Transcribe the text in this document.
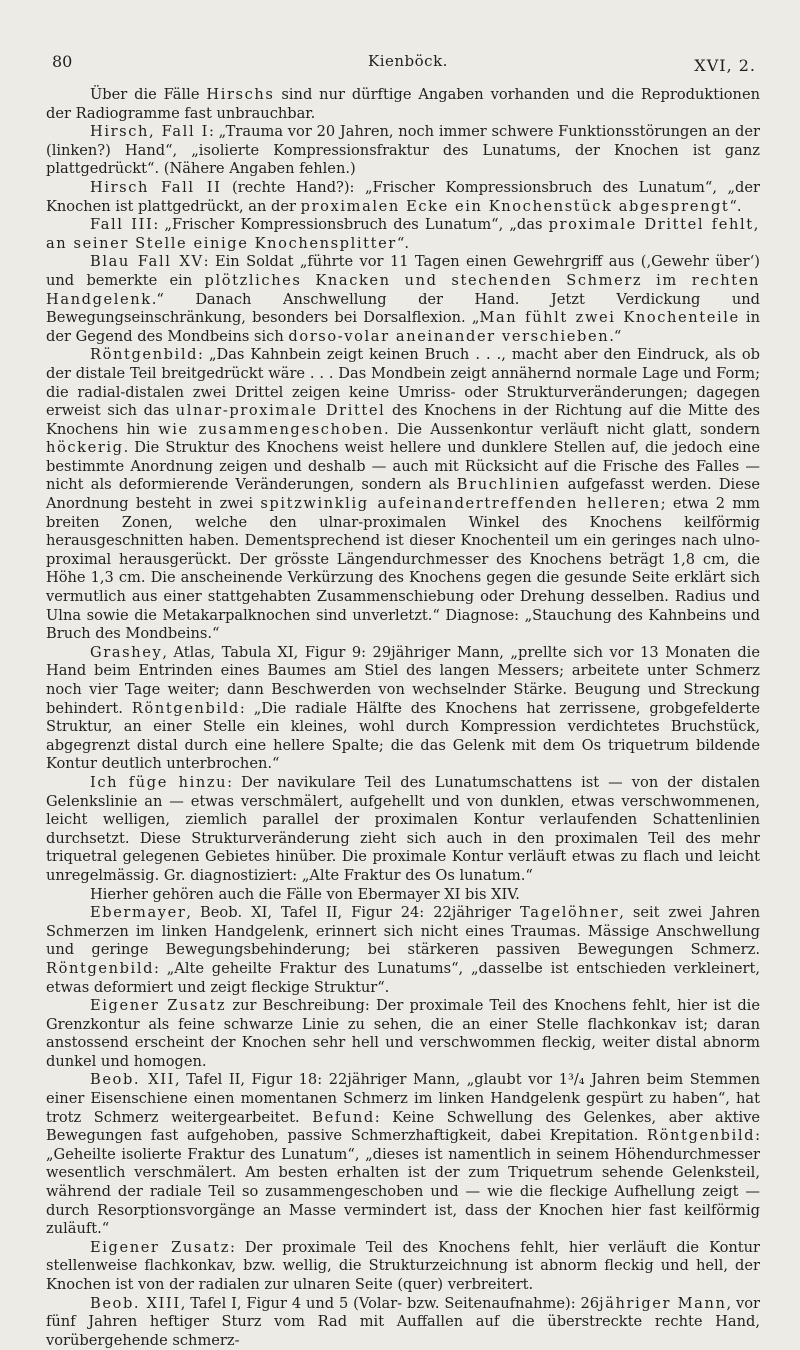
80	Kienböck.	XVI, 2.

Über die Fälle Hirschs sind nur dürftige Angaben vorhanden und die Reproduktionen der Radiogramme fast unbrauchbar.

Hirsch, Fall I: „Trauma vor 20 Jahren, noch immer schwere Funktionsstörungen an der (linken?) Hand“, „isolierte Kompressionsfraktur des Lunatums, der Knochen ist ganz plattgedrückt“. (Nähere Angaben fehlen.)

Hirsch Fall II (rechte Hand?): „Frischer Kompressionsbruch des Lunatum“, „der Knochen ist plattgedrückt, an der proximalen Ecke ein Knochenstück abgesprengt“.

Fall III: „Frischer Kompressionsbruch des Lunatum“, „das proximale Drittel fehlt, an seiner Stelle einige Knochensplitter“.

Blau Fall XV: Ein Soldat „führte vor 11 Tagen einen Gewehrgriff aus (‚Gewehr über‘) und bemerkte ein plötzliches Knacken und stechenden Schmerz im rechten Handgelenk.“ Danach Anschwellung der Hand. Jetzt Verdickung und Bewegungseinschränkung, besonders bei Dorsalflexion. „Man fühlt zwei Knochenteile in der Gegend des Mondbeins sich dorso-volar aneinander verschieben.“

Röntgenbild: „Das Kahnbein zeigt keinen Bruch . . ., macht aber den Eindruck, als ob der distale Teil breitgedrückt wäre . . . Das Mondbein zeigt annähernd normale Lage und Form; die radial-distalen zwei Drittel zeigen keine Umriss- oder Strukturveränderungen; dagegen erweist sich das ulnar-proximale Drittel des Knochens in der Richtung auf die Mitte des Knochens hin wie zusammengeschoben. Die Aussenkontur verläuft nicht glatt, sondern höckerig. Die Struktur des Knochens weist hellere und dunklere Stellen auf, die jedoch eine bestimmte Anordnung zeigen und deshalb — auch mit Rücksicht auf die Frische des Falles — nicht als deformierende Veränderungen, sondern als Bruchlinien aufgefasst werden. Diese Anordnung besteht in zwei spitzwinklig aufeinandertreffenden helleren; etwa 2 mm breiten Zonen, welche den ulnar-proximalen Winkel des Knochens keilförmig herausgeschnitten haben. Dementsprechend ist dieser Knochenteil um ein geringes nach ulno-proximal herausgerückt. Der grösste Längendurchmesser des Knochens beträgt 1,8 cm, die Höhe 1,3 cm. Die anscheinende Verkürzung des Knochens gegen die gesunde Seite erklärt sich vermutlich aus einer stattgehabten Zusammenschiebung oder Drehung desselben. Radius und Ulna sowie die Metakarpalknochen sind unverletzt.“ Diagnose: „Stauchung des Kahnbeins und Bruch des Mondbeins.“

Grashey, Atlas, Tabula XI, Figur 9: 29jähriger Mann, „prellte sich vor 13 Monaten die Hand beim Entrinden eines Baumes am Stiel des langen Messers; arbeitete unter Schmerz noch vier Tage weiter; dann Beschwerden von wechselnder Stärke. Beugung und Streckung behindert. Röntgenbild: „Die radiale Hälfte des Knochens hat zerrissene, grobgefelderte Struktur, an einer Stelle ein kleines, wohl durch Kompression verdichtetes Bruchstück, abgegrenzt distal durch eine hellere Spalte; die das Gelenk mit dem Os triquetrum bildende Kontur deutlich unterbrochen.“

Ich füge hinzu: Der navikulare Teil des Lunatumschattens ist — von der distalen Gelenkslinie an — etwas verschmälert, aufgehellt und von dunklen, etwas verschwommenen, leicht welligen, ziemlich parallel der proximalen Kontur verlaufenden Schattenlinien durchsetzt. Diese Strukturveränderung zieht sich auch in den proximalen Teil des mehr triquetral gelegenen Gebietes hinüber. Die proximale Kontur verläuft etwas zu flach und leicht unregelmässig. Gr. diagnostiziert: „Alte Fraktur des Os lunatum.“

Hierher gehören auch die Fälle von Ebermayer XI bis XIV.

Ebermayer, Beob. XI, Tafel II, Figur 24: 22jähriger Tagelöhner, seit zwei Jahren Schmerzen im linken Handgelenk, erinnert sich nicht eines Traumas. Mässige Anschwellung und geringe Bewegungsbehinderung; bei stärkeren passiven Bewegungen Schmerz. Röntgenbild: „Alte geheilte Fraktur des Lunatums“, „dasselbe ist entschieden verkleinert, etwas deformiert und zeigt fleckige Struktur“.

Eigener Zusatz zur Beschreibung: Der proximale Teil des Knochens fehlt, hier ist die Grenzkontur als feine schwarze Linie zu sehen, die an einer Stelle flachkonkav ist; daran anstossend erscheint der Knochen sehr hell und verschwommen fleckig, weiter distal abnorm dunkel und homogen.

Beob. XII, Tafel II, Figur 18: 22jähriger Mann, „glaubt vor 1³/₄ Jahren beim Stemmen einer Eisenschiene einen momentanen Schmerz im linken Handgelenk gespürt zu haben“, hat trotz Schmerz weitergearbeitet. Befund: Keine Schwellung des Gelenkes, aber aktive Bewegungen fast aufgehoben, passive Schmerzhaftigkeit, dabei Krepitation. Röntgenbild: „Geheilte isolierte Fraktur des Lunatum“, „dieses ist namentlich in seinem Höhendurchmesser wesentlich verschmälert. Am besten erhalten ist der zum Triquetrum sehende Gelenksteil, während der radiale Teil so zusammengeschoben und — wie die fleckige Aufhellung zeigt — durch Resorptionsvorgänge an Masse vermindert ist, dass der Knochen hier fast keilförmig zuläuft.“

Eigener Zusatz: Der proximale Teil des Knochens fehlt, hier verläuft die Kontur stellenweise flachkonkav, bzw. wellig, die Strukturzeichnung ist abnorm fleckig und hell, der Knochen ist von der radialen zur ulnaren Seite (quer) verbreitert.

Beob. XIII, Tafel I, Figur 4 und 5 (Volar- bzw. Seitenaufnahme): 26jähriger Mann, vor fünf Jahren heftiger Sturz vom Rad mit Auffallen auf die überstreckte rechte Hand, vorübergehende schmerz-
